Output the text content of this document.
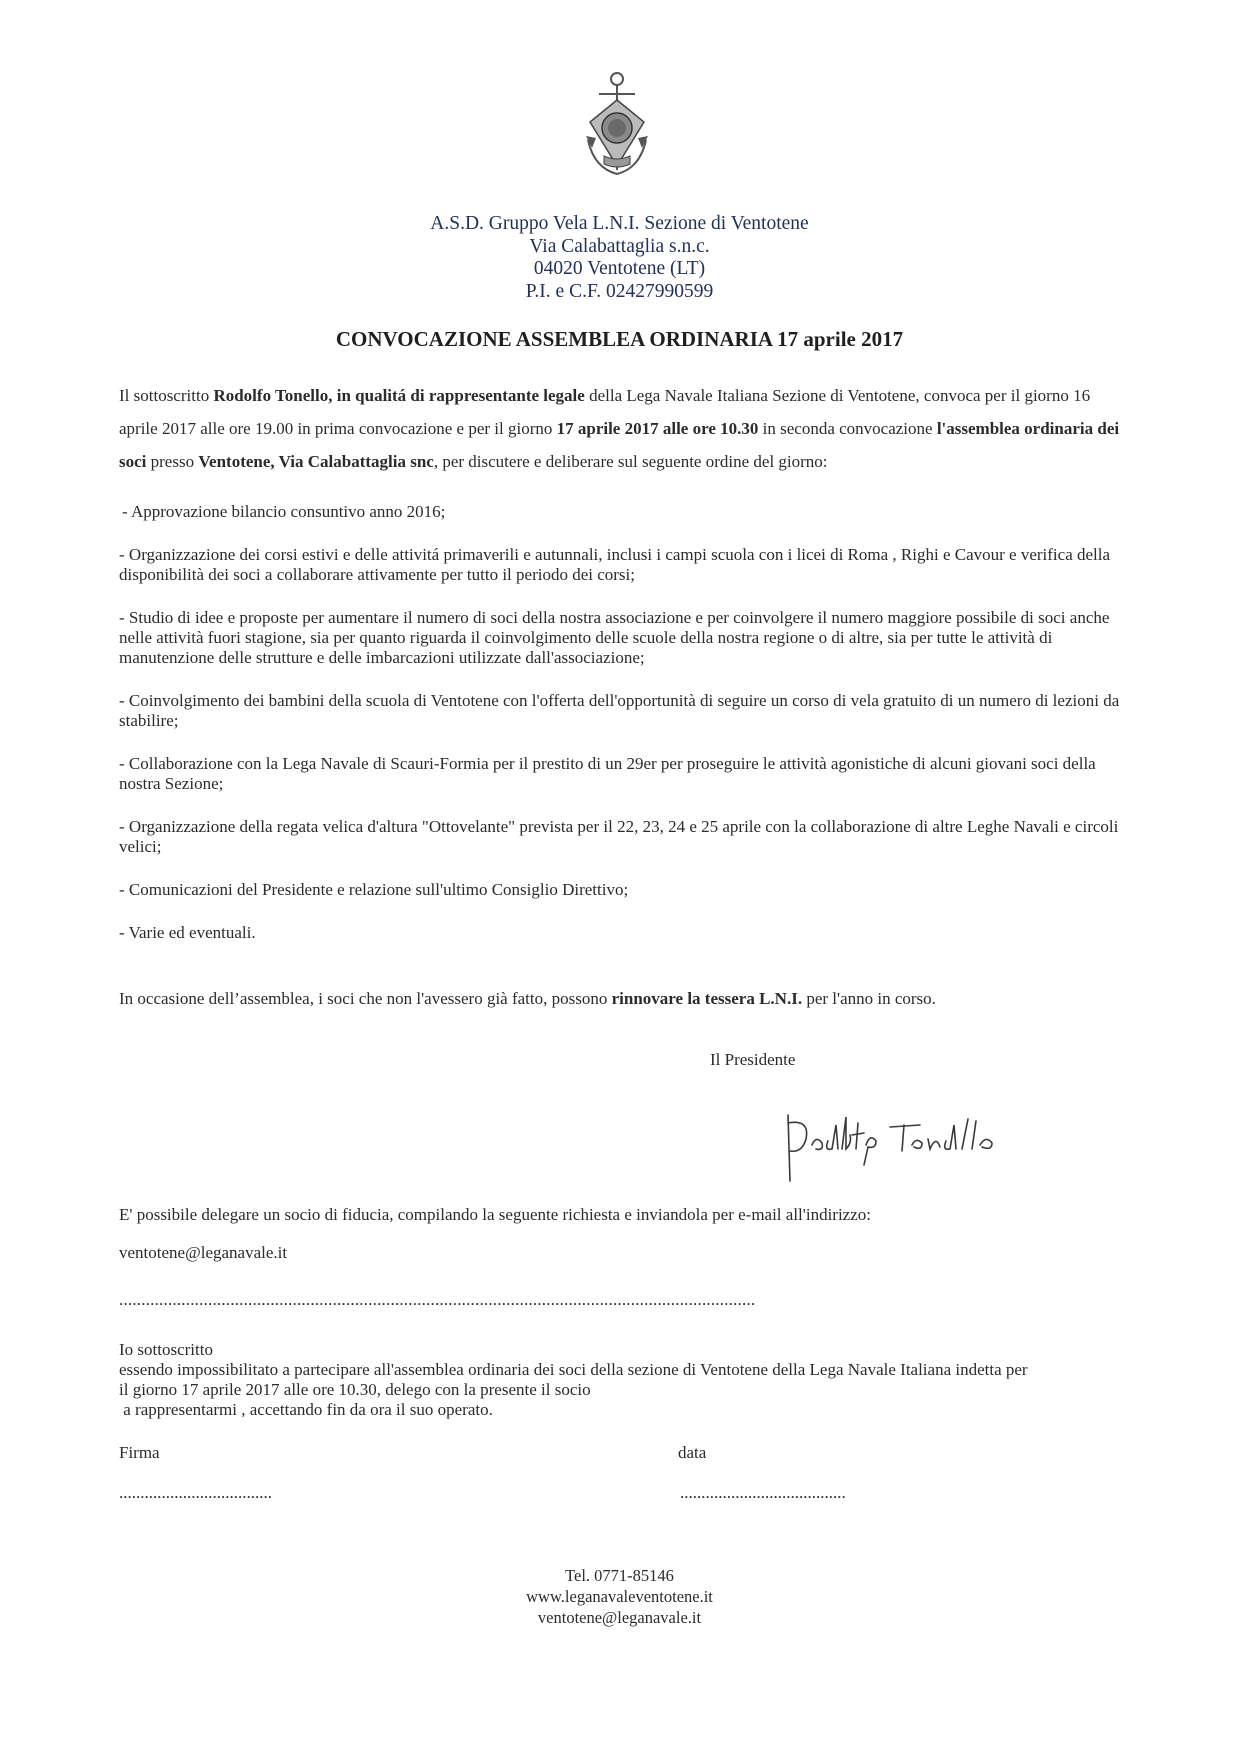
A.S.D. Gruppo Vela L.N.I. Sezione di Ventotene
Via Calabattaglia s.n.c.
04020 Ventotene (LT)
P.I. e C.F. 02427990599
CONVOCAZIONE ASSEMBLEA ORDINARIA 17 aprile 2017
Il sottoscritto Rodolfo Tonello, in qualitá di rappresentante legale della Lega Navale Italiana Sezione di Ventotene, convoca per il giorno 16 aprile 2017 alle ore 19.00 in prima convocazione e per il giorno 17 aprile 2017 alle ore 10.30 in seconda convocazione l'assemblea ordinaria dei soci presso Ventotene, Via Calabattaglia snc, per discutere e deliberare sul seguente ordine del giorno:

- Approvazione bilancio consuntivo anno 2016;

- Organizzazione dei corsi estivi e delle attivitá primaverili e autunnali, inclusi i campi scuola con i licei di Roma , Righi e Cavour e verifica della disponibilità dei soci a collaborare attivamente per tutto il periodo dei corsi;

- Studio di idee e proposte per aumentare il numero di soci della nostra associazione e per coinvolgere il numero maggiore possibile di soci anche nelle attività fuori stagione, sia per quanto riguarda il coinvolgimento delle scuole della nostra regione o di altre, sia per tutte le attività di manutenzione delle strutture e delle imbarcazioni utilizzate dall'associazione;

- Coinvolgimento dei bambini della scuola di Ventotene con l'offerta dell'opportunità di seguire un corso di vela gratuito di un numero di lezioni da stabilire;

- Collaborazione con la Lega Navale di Scauri-Formia per il prestito di un 29er per proseguire le attività agonistiche di alcuni giovani soci della nostra Sezione;

- Organizzazione della regata velica d'altura "Ottovelante" prevista per il 22, 23, 24 e 25 aprile con la collaborazione di altre Leghe Navali e circoli velici;

- Comunicazioni del Presidente e relazione sull'ultimo Consiglio Direttivo;

- Varie ed eventuali.

In occasione dell’assemblea, i soci che non l'avessero già fatto, possono rinnovare la tessera L.N.I. per l'anno in corso.
Il Presidente
E' possibile delegare un socio di fiducia, compilando la seguente richiesta e inviandola per e-mail all'indirizzo:
ventotene@leganavale.it
...............................................................................................................................................
Io sottoscritto
essendo impossibilitato a partecipare all'assemblea ordinaria dei soci della sezione di Ventotene della Lega Navale Italiana indetta per
il giorno 17 aprile 2017 alle ore 10.30, delego con la presente il socio
a rappresentarmi , accettando fin da ora il suo operato.
Firma	data
....................................	.......................................
Tel. 0771-85146
www.leganavaleventotene.it
ventotene@leganavale.it
